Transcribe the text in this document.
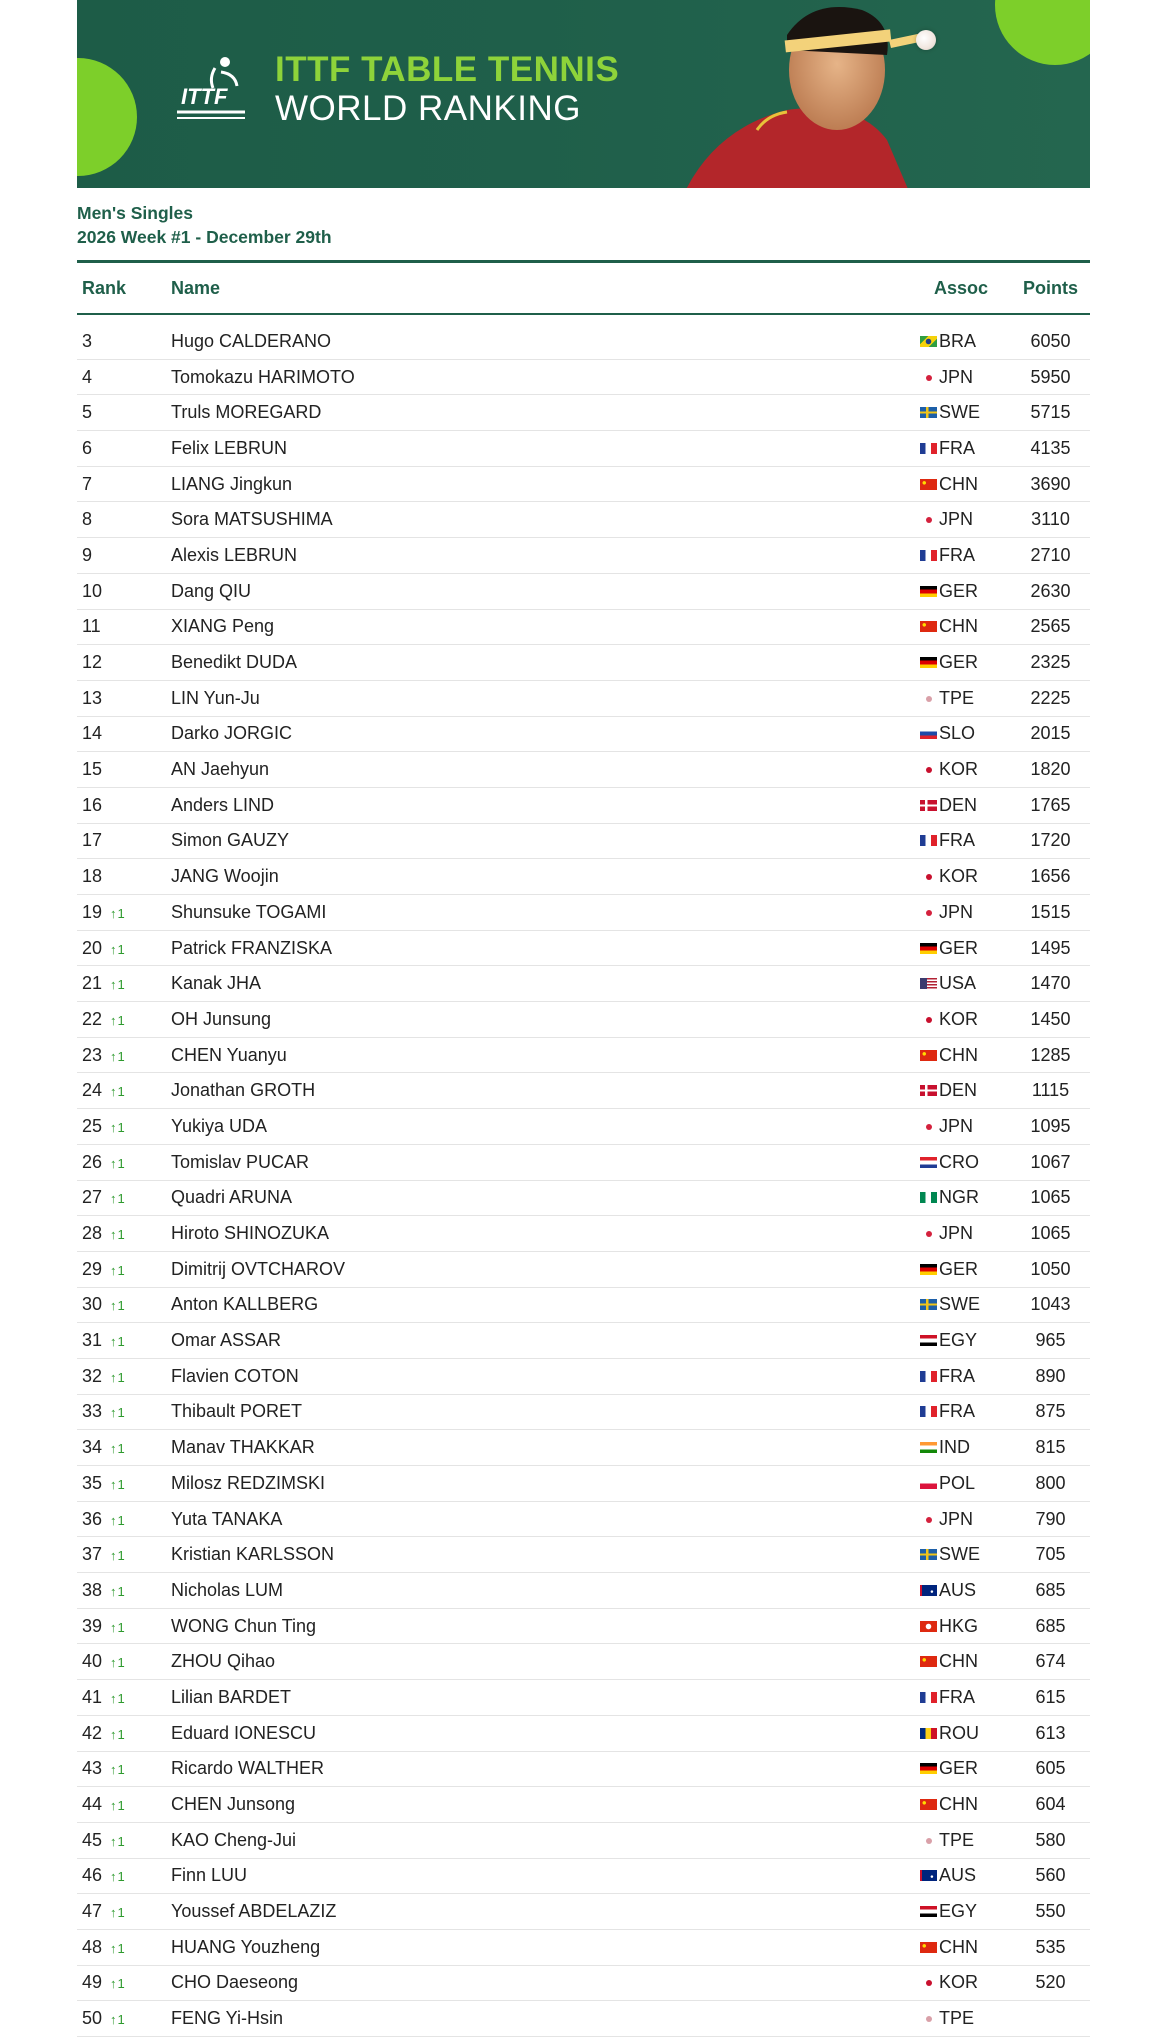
ITTF
ITTF TABLE TENNIS
WORLD RANKING
Men's Singles
2026 Week #1 - December 29th
Rank	Name	Assoc	Points

3	Hugo CALDERANO	BRA	6050
4	Tomokazu HARIMOTO	JPN	5950
5	Truls MOREGARD	SWE	5715
6	Felix LEBRUN	FRA	4135
7	LIANG Jingkun	CHN	3690
8	Sora MATSUSHIMA	JPN	3110
9	Alexis LEBRUN	FRA	2710
10	Dang QIU	GER	2630
11	XIANG Peng	CHN	2565
12	Benedikt DUDA	GER	2325
13	LIN Yun-Ju	TPE	2225
14	Darko JORGIC	SLO	2015
15	AN Jaehyun	KOR	1820
16	Anders LIND	DEN	1765
17	Simon GAUZY	FRA	1720
18	JANG Woojin	KOR	1656
19 ↑1	Shunsuke TOGAMI	JPN	1515
20 ↑1	Patrick FRANZISKA	GER	1495
21 ↑1	Kanak JHA	USA	1470
22 ↑1	OH Junsung	KOR	1450
23 ↑1	CHEN Yuanyu	CHN	1285
24 ↑1	Jonathan GROTH	DEN	1115
25 ↑1	Yukiya UDA	JPN	1095
26 ↑1	Tomislav PUCAR	CRO	1067
27 ↑1	Quadri ARUNA	NGR	1065
28 ↑1	Hiroto SHINOZUKA	JPN	1065
29 ↑1	Dimitrij OVTCHAROV	GER	1050
30 ↑1	Anton KALLBERG	SWE	1043
31 ↑1	Omar ASSAR	EGY	965
32 ↑1	Flavien COTON	FRA	890
33 ↑1	Thibault PORET	FRA	875
34 ↑1	Manav THAKKAR	IND	815
35 ↑1	Milosz REDZIMSKI	POL	800
36 ↑1	Yuta TANAKA	JPN	790
37 ↑1	Kristian KARLSSON	SWE	705
38 ↑1	Nicholas LUM	AUS	685
39 ↑1	WONG Chun Ting	HKG	685
40 ↑1	ZHOU Qihao	CHN	674
41 ↑1	Lilian BARDET	FRA	615
42 ↑1	Eduard IONESCU	ROU	613
43 ↑1	Ricardo WALTHER	GER	605
44 ↑1	CHEN Junsong	CHN	604
45 ↑1	KAO Cheng-Jui	TPE	580
46 ↑1	Finn LUU	AUS	560
47 ↑1	Youssef ABDELAZIZ	EGY	550
48 ↑1	HUANG Youzheng	CHN	535
49 ↑1	CHO Daeseong	KOR	520
50 ↑1	FENG Yi-Hsin	TPE	
